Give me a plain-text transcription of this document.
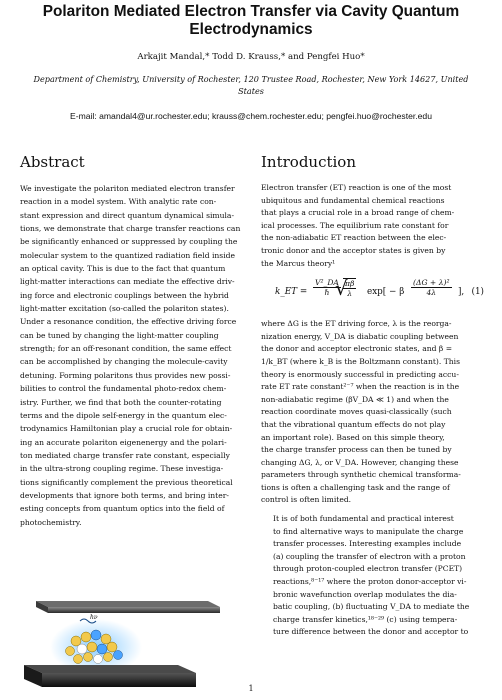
Polariton Mediated Electron Transfer via Cavity Quantum Electrodynamics
Arkajit Mandal,* Todd D. Krauss,* and Pengfei Huo*
Department of Chemistry, University of Rochester, 120 Trustee Road, Rochester, New York 14627, United States
E-mail: amandal4@ur.rochester.edu; krauss@chem.rochester.edu; pengfei.huo@rochester.edu
Abstract
We investigate the polariton mediated electron transfer
reaction in a model system. With analytic rate con-
stant expression and direct quantum dynamical simula-
tions, we demonstrate that charge transfer reactions can
be significantly enhanced or suppressed by coupling the
molecular system to the quantized radiation field inside
an optical cavity. This is due to the fact that quantum
light-matter interactions can mediate the effective driv-
ing force and electronic couplings between the hybrid
light-matter excitation (so-called the polariton states).
Under a resonance condition, the effective driving force
can be tuned by changing the light-matter coupling
strength; for an off-resonant condition, the same effect
can be accomplished by changing the molecule-cavity
detuning. Forming polaritons thus provides new possi-
bilities to control the fundamental photo-redox chem-
istry. Further, we find that both the counter-rotating
terms and the dipole self-energy in the quantum elec-
trodynamics Hamiltonian play a crucial role for obtain-
ing an accurate polariton eigenenergy and the polari-
ton mediated charge transfer rate constant, especially
in the ultra-strong coupling regime. These investiga-
tions significantly complement the previous theoretical
developments that ignore both terms, and bring inter-
esting concepts from quantum optics into the field of
photochemistry.
Introduction
Electron transfer (ET) reaction is one of the most
ubiquitous and fundamental chemical reactions
that plays a crucial role in a broad range of chem-
ical processes. The equilibrium rate constant for
the non-adiabatic ET reaction between the elec-
tronic donor and the acceptor states is given by
the Marcus theory¹
k_ET =
V²_DA
ℏ √
πβ
λ	exp[ − β $\frac{\text{(ΔG + λ)²}}{4\lambda}$ ], (1)
where ΔG is the ET driving force, λ is the reorga-
nization energy, V_DA is diabatic coupling between
the donor and acceptor electronic states, and β =
1/k_BT (where k_B is the Boltzmann constant). This
theory is enormously successful in predicting accu-
rate ET rate constant²⁻⁷ when the reaction is in the
non-adiabatic regime (βV_DA ≪ 1) and when the
reaction coordinate moves quasi-classically (such
that the vibrational quantum effects do not play
an important role). Based on this simple theory,
the charge transfer process can then be tuned by
changing ΔG, λ, or V_DA. However, changing these
parameters through synthetic chemical transforma-
tions is often a challenging task and the range of
control is often limited.
It is of both fundamental and practical interest
to find alternative ways to manipulate the charge
transfer processes. Interesting examples include
(a) coupling the transfer of electron with a proton
through proton-coupled electron transfer (PCET)
reactions,⁸⁻¹⁷ where the proton donor-acceptor vi-
bronic wavefunction overlap modulates the dia-
batic coupling, (b) fluctuating V_DA to mediate the
charge transfer kinetics,¹⁸⁻²⁹ (c) using tempera-
ture difference between the donor and acceptor to
hν
1
